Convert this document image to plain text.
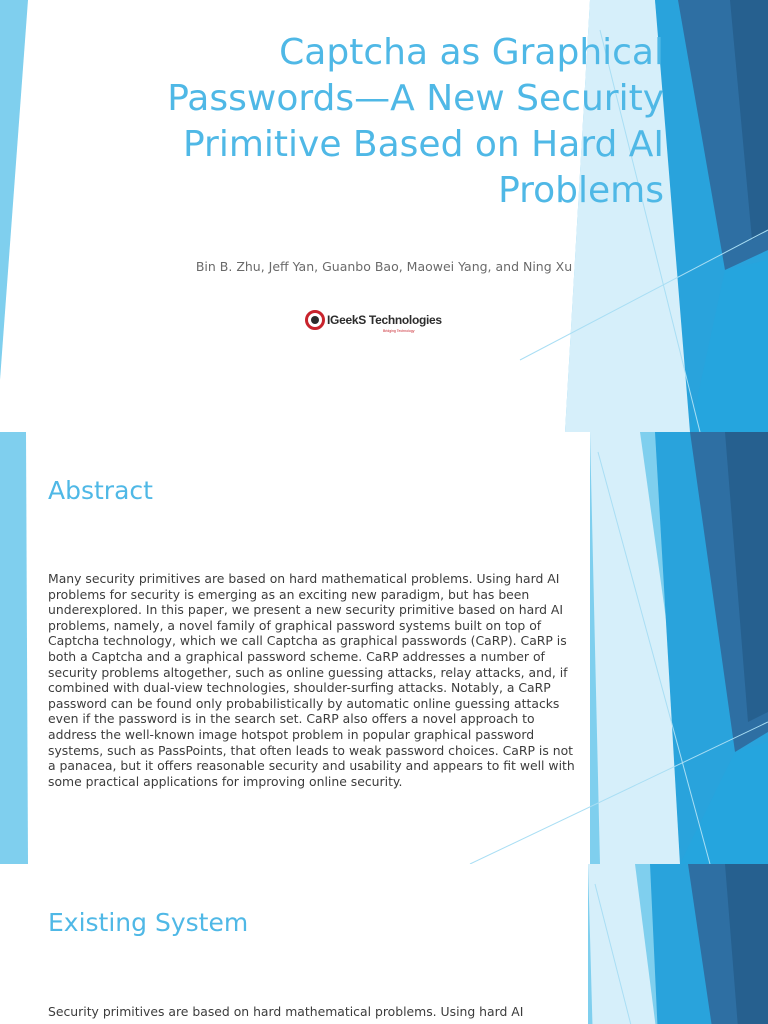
Captcha as Graphical Passwords—A New Security Primitive Based on Hard AI Problems

Bin B. Zhu, Jeff Yan, Guanbo Bao, Maowei Yang, and Ning Xu

IGeekS Technologies
Bridging Technology
Abstract

Many security primitives are based on hard mathematical problems. Using hard AI problems for security is emerging as an exciting new paradigm, but has been underexplored. In this paper, we present a new security primitive based on hard AI problems, namely, a novel family of graphical password systems built on top of Captcha technology, which we call Captcha as graphical passwords (CaRP). CaRP is both a Captcha and a graphical password scheme. CaRP addresses a number of security problems altogether, such as online guessing attacks, relay attacks, and, if combined with dual-view technologies, shoulder-surfing attacks. Notably, a CaRP password can be found only probabilistically by automatic online guessing attacks even if the password is in the search set. CaRP also offers a novel approach to address the well-known image hotspot problem in popular graphical password systems, such as PassPoints, that often leads to weak password choices. CaRP is not a panacea, but it offers reasonable security and usability and appears to fit well with some practical applications for improving online security.

Existing System

Security primitives are based on hard mathematical problems. Using hard AI
